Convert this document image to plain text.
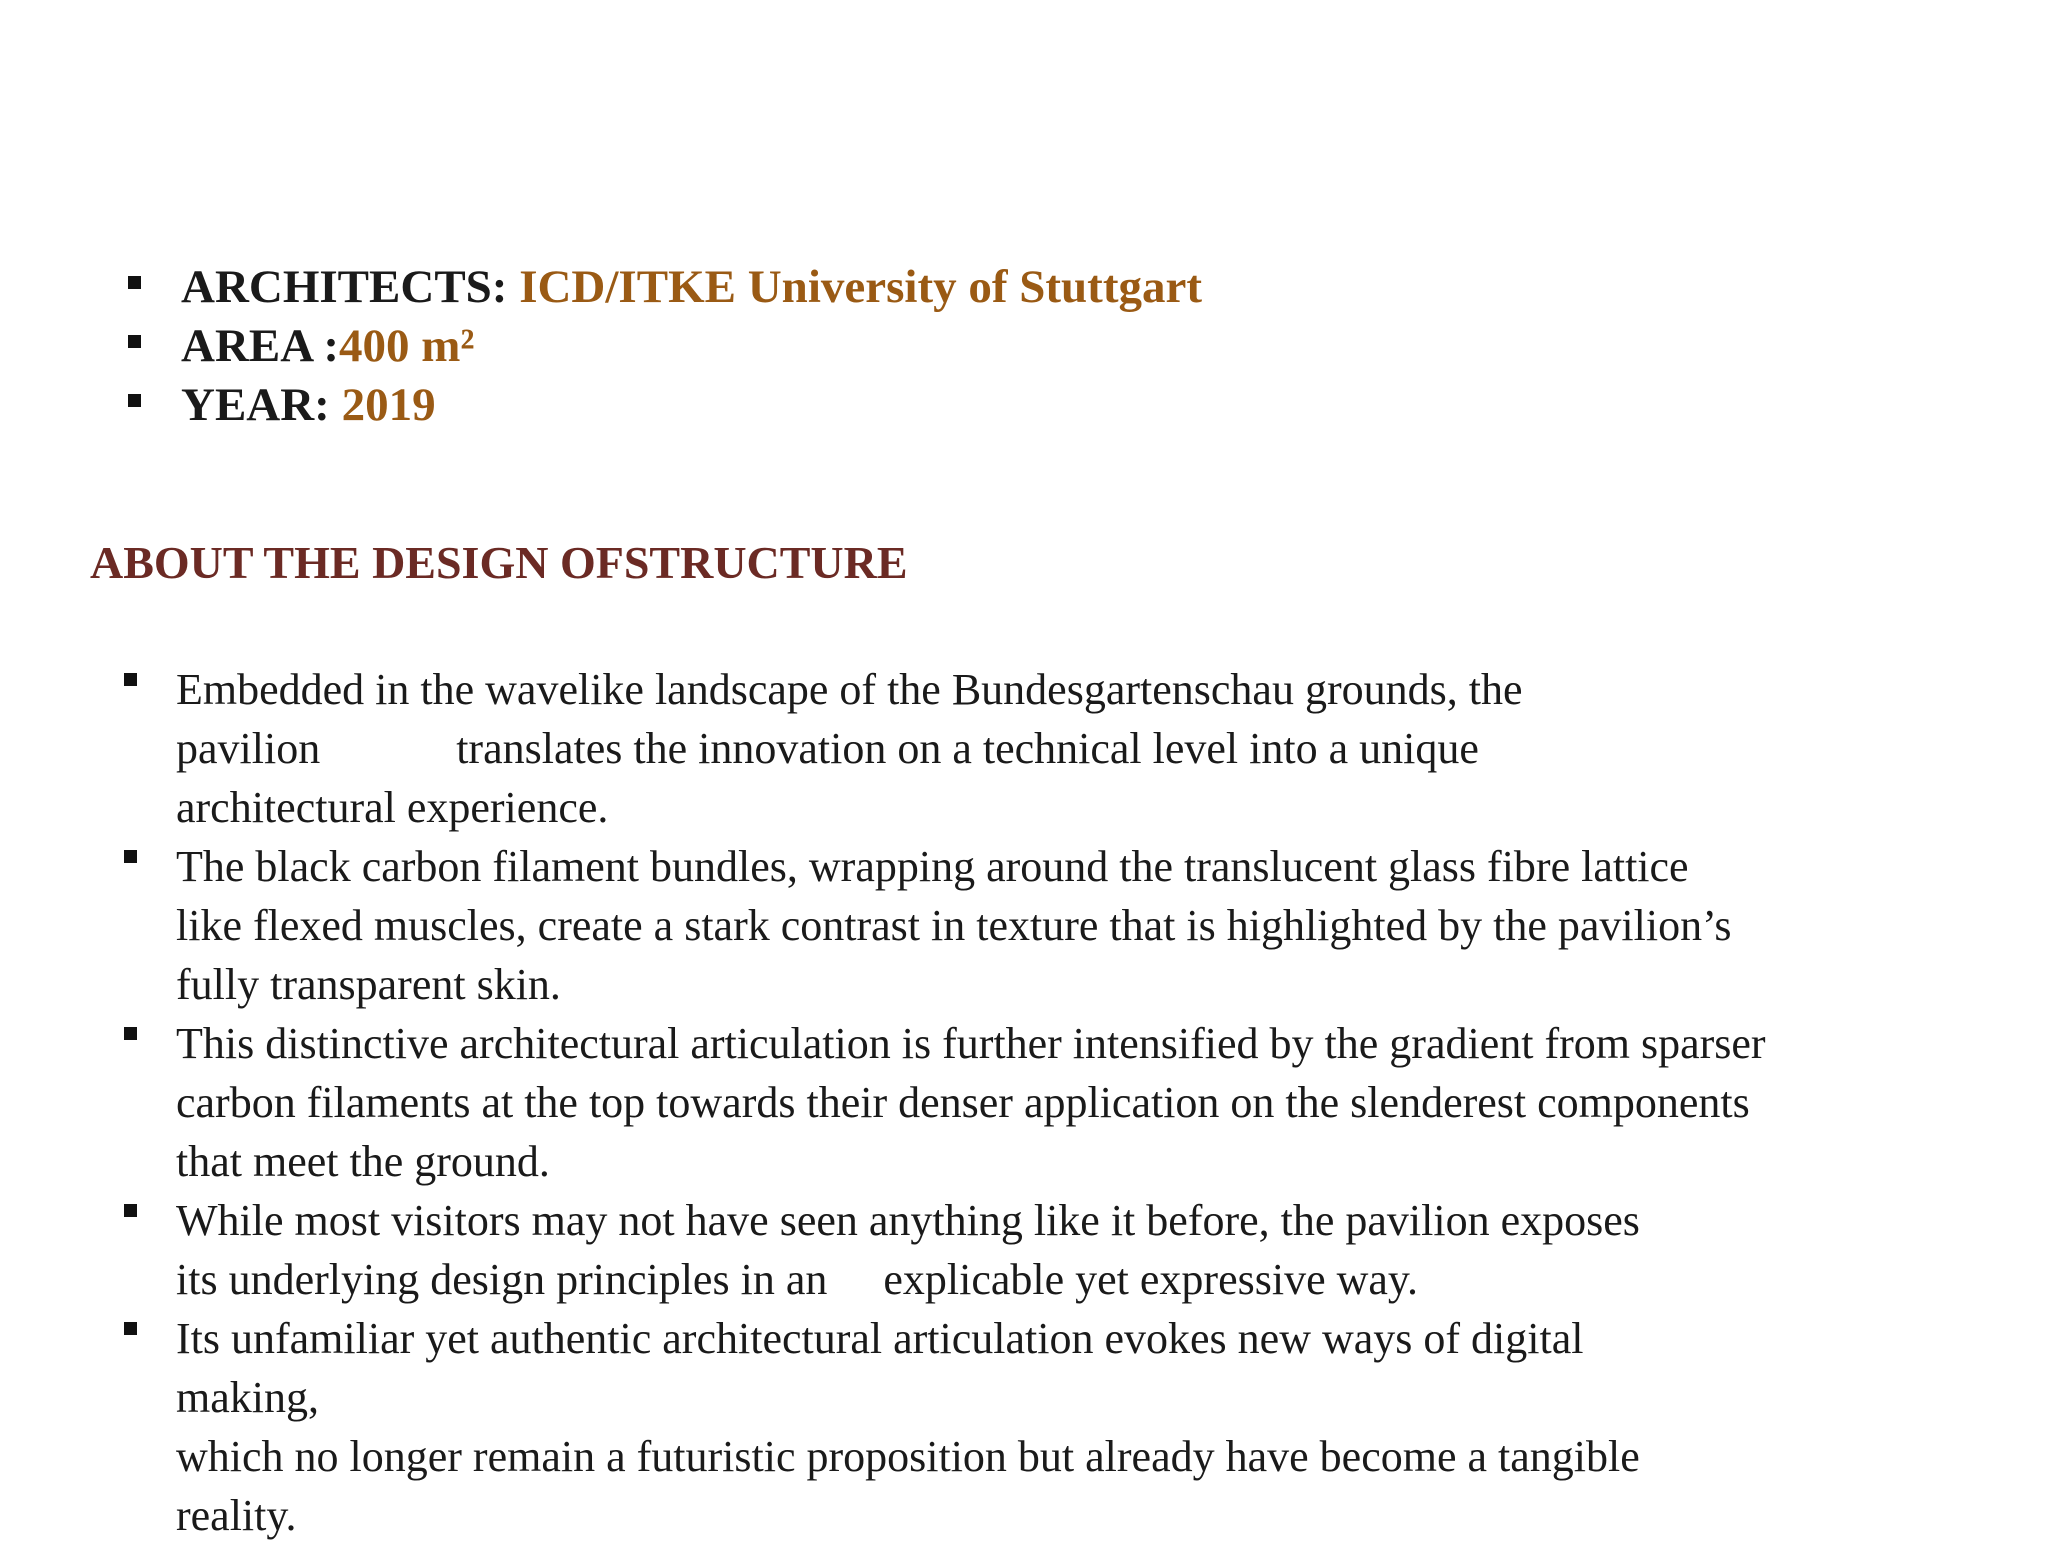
ARCHITECTS: ICD/ITKE University of Stuttgart
AREA :400 m²
YEAR: 2019
ABOUT THE DESIGN OFSTRUCTURE
Embedded in the wavelike landscape of the Bundesgartenschau grounds, the
pavilion	translates the innovation on a technical level into a unique
architectural experience.
The black carbon filament bundles, wrapping around the translucent glass fibre lattice
like flexed muscles, create a stark contrast in texture that is highlighted by the pavilion’s
fully transparent skin.
This distinctive architectural articulation is further intensified by the gradient from sparser
carbon filaments at the top towards their denser application on the slenderest components
that meet the ground.
While most visitors may not have seen anything like it before, the pavilion exposes
its underlying design principles in an explicable yet expressive way.
Its unfamiliar yet authentic architectural articulation evokes new ways of digital
making,
which no longer remain a futuristic proposition but already have become a tangible
reality.
